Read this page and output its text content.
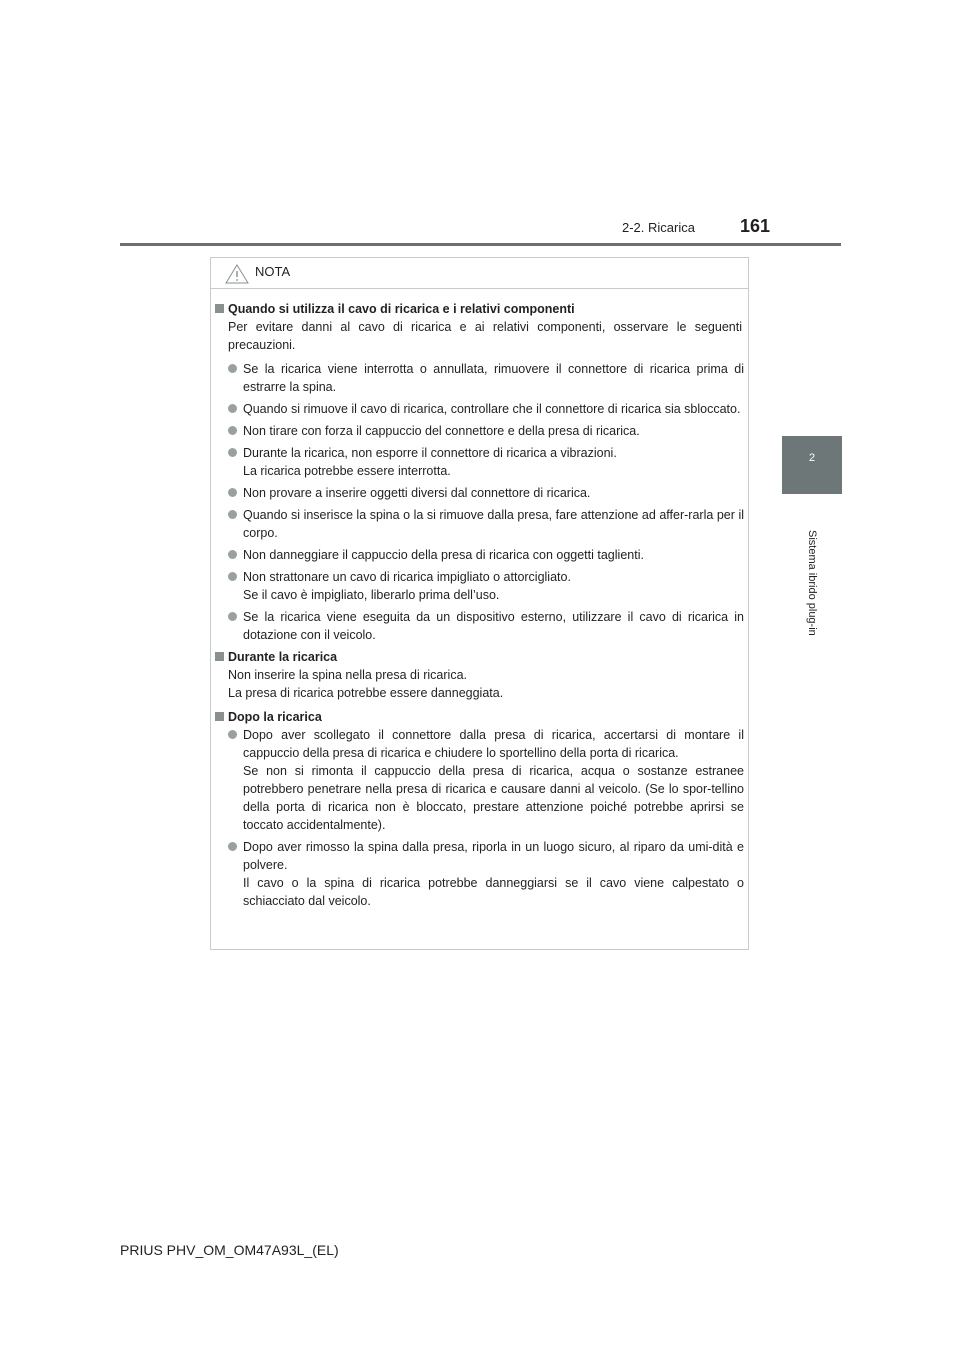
2-2. Ricarica	161
2
Sistema ibrido plug-in
NOTA
Quando si utilizza il cavo di ricarica e i relativi componenti
Per evitare danni al cavo di ricarica e ai relativi componenti, osservare le seguenti precauzioni.

Se la ricarica viene interrotta o annullata, rimuovere il connettore di ricarica prima di estrarre la spina.

Quando si rimuove il cavo di ricarica, controllare che il connettore di ricarica sia sbloccato.

Non tirare con forza il cappuccio del connettore e della presa di ricarica.

Durante la ricarica, non esporre il connettore di ricarica a vibrazioni.

La ricarica potrebbe essere interrotta.

Non provare a inserire oggetti diversi dal connettore di ricarica.

Quando si inserisce la spina o la si rimuove dalla presa, fare attenzione ad affer-rarla per il corpo.

Non danneggiare il cappuccio della presa di ricarica con oggetti taglienti.

Non strattonare un cavo di ricarica impigliato o attorcigliato.

Se il cavo è impigliato, liberarlo prima dell’uso.

Se la ricarica viene eseguita da un dispositivo esterno, utilizzare il cavo di ricarica in dotazione con il veicolo.

Durante la ricarica
Non inserire la spina nella presa di ricarica.
La presa di ricarica potrebbe essere danneggiata.
Dopo la ricarica

Dopo aver scollegato il connettore dalla presa di ricarica, accertarsi di montare il cappuccio della presa di ricarica e chiudere lo sportellino della porta di ricarica.

Se non si rimonta il cappuccio della presa di ricarica, acqua o sostanze estranee potrebbero penetrare nella presa di ricarica e causare danni al veicolo. (Se lo spor-tellino della porta di ricarica non è bloccato, prestare attenzione poiché potrebbe aprirsi se toccato accidentalmente).

Dopo aver rimosso la spina dalla presa, riporla in un luogo sicuro, al riparo da umi-dità e polvere.

Il cavo o la spina di ricarica potrebbe danneggiarsi se il cavo viene calpestato o schiacciato dal veicolo.

PRIUS PHV_OM_OM47A93L_(EL)
